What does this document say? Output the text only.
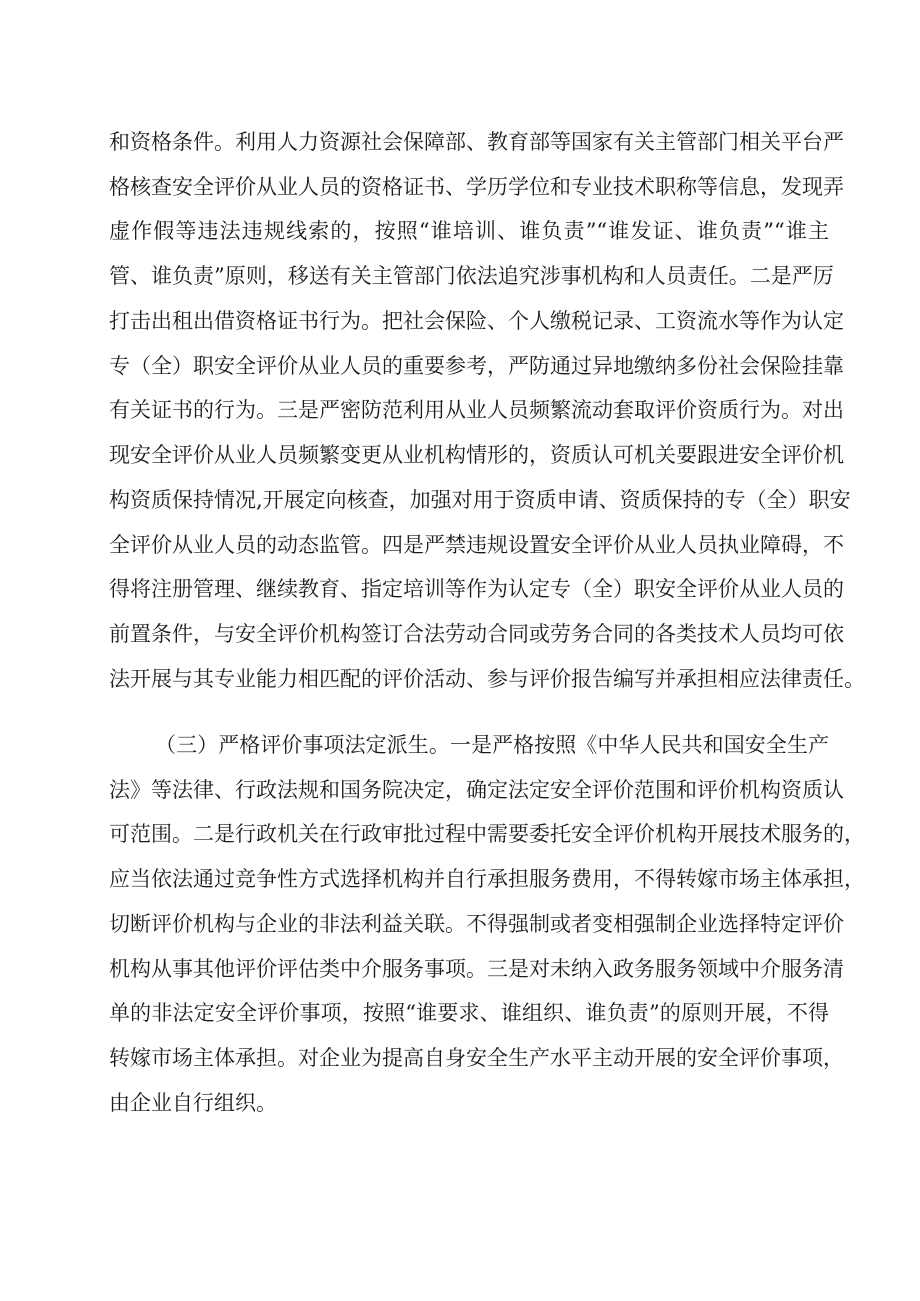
和资格条件。利用人力资源社会保障部、教育部等国家有关主管部门相关平台严
格核查安全评价从业人员的资格证书、学历学位和专业技术职称等信息，发现弄
虚作假等违法违规线索的，按照“谁培训、谁负责”“谁发证、谁负责”“谁主
管、谁负责”原则，移送有关主管部门依法追究涉事机构和人员责任。二是严厉
打击出租出借资格证书行为。把社会保险、个人缴税记录、工资流水等作为认定
专（全）职安全评价从业人员的重要参考，严防通过异地缴纳多份社会保险挂靠
有关证书的行为。三是严密防范利用从业人员频繁流动套取评价资质行为。对出
现安全评价从业人员频繁变更从业机构情形的，资质认可机关要跟进安全评价机
构资质保持情况,开展定向核查，加强对用于资质申请、资质保持的专（全）职安
全评价从业人员的动态监管。四是严禁违规设置安全评价从业人员执业障碍，不
得将注册管理、继续教育、指定培训等作为认定专（全）职安全评价从业人员的
前置条件，与安全评价机构签订合法劳动合同或劳务合同的各类技术人员均可依
法开展与其专业能力相匹配的评价活动、参与评价报告编写并承担相应法律责任。
（三）严格评价事项法定派生。一是严格按照《中华人民共和国安全生产
法》等法律、行政法规和国务院决定，确定法定安全评价范围和评价机构资质认
可范围。二是行政机关在行政审批过程中需要委托安全评价机构开展技术服务的，
应当依法通过竞争性方式选择机构并自行承担服务费用，不得转嫁市场主体承担，
切断评价机构与企业的非法利益关联。不得强制或者变相强制企业选择特定评价
机构从事其他评价评估类中介服务事项。三是对未纳入政务服务领域中介服务清
单的非法定安全评价事项，按照“谁要求、谁组织、谁负责”的原则开展，不得
转嫁市场主体承担。对企业为提高自身安全生产水平主动开展的安全评价事项，
由企业自行组织。
